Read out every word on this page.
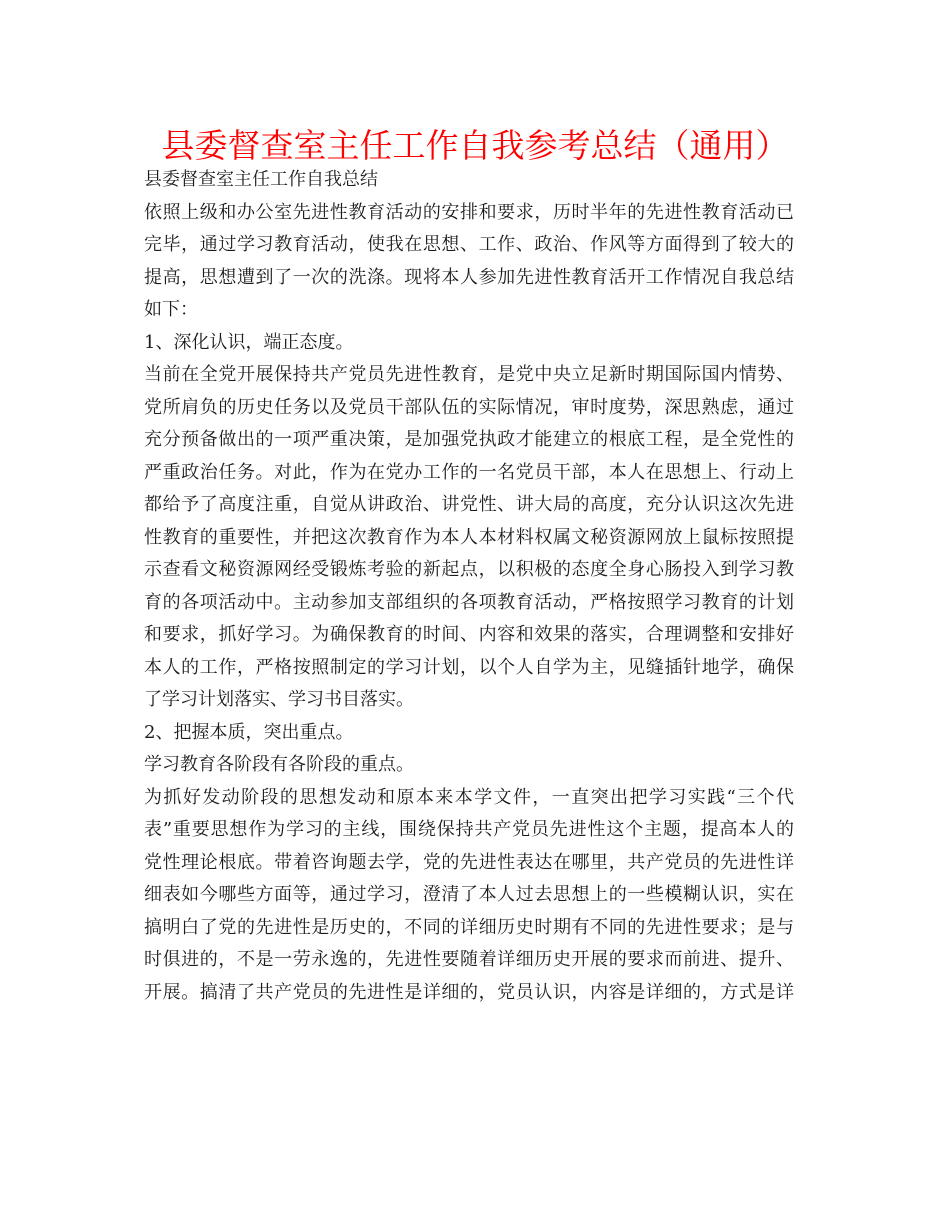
县委督查室主任工作自我参考总结（通用）
县委督查室主任工作自我总结
依照上级和办公室先进性教育活动的安排和要求，历时半年的先进性教育活动已
完毕，通过学习教育活动，使我在思想、工作、政治、作风等方面得到了较大的
提高，思想遭到了一次的洗涤。现将本人参加先进性教育活开工作情况自我总结
如下：
1、深化认识，端正态度。
当前在全党开展保持共产党员先进性教育，是党中央立足新时期国际国内情势、
党所肩负的历史任务以及党员干部队伍的实际情况，审时度势，深思熟虑，通过
充分预备做出的一项严重决策，是加强党执政才能建立的根底工程，是全党性的
严重政治任务。对此，作为在党办工作的一名党员干部，本人在思想上、行动上
都给予了高度注重，自觉从讲政治、讲党性、讲大局的高度，充分认识这次先进
性教育的重要性，并把这次教育作为本人本材料权属文秘资源网放上鼠标按照提
示查看文秘资源网经受锻炼考验的新起点，以积极的态度全身心肠投入到学习教
育的各项活动中。主动参加支部组织的各项教育活动，严格按照学习教育的计划
和要求，抓好学习。为确保教育的时间、内容和效果的落实，合理调整和安排好
本人的工作，严格按照制定的学习计划，以个人自学为主，见缝插针地学，确保
了学习计划落实、学习书目落实。
2、把握本质，突出重点。
学习教育各阶段有各阶段的重点。
为抓好发动阶段的思想发动和原本来本学文件，一直突出把学习实践“三个代
表”重要思想作为学习的主线，围绕保持共产党员先进性这个主题，提高本人的
党性理论根底。带着咨询题去学，党的先进性表达在哪里，共产党员的先进性详
细表如今哪些方面等，通过学习，澄清了本人过去思想上的一些模糊认识，实在
搞明白了党的先进性是历史的，不同的详细历史时期有不同的先进性要求；是与
时俱进的，不是一劳永逸的，先进性要随着详细历史开展的要求而前进、提升、
开展。搞清了共产党员的先进性是详细的，党员认识，内容是详细的，方式是详
